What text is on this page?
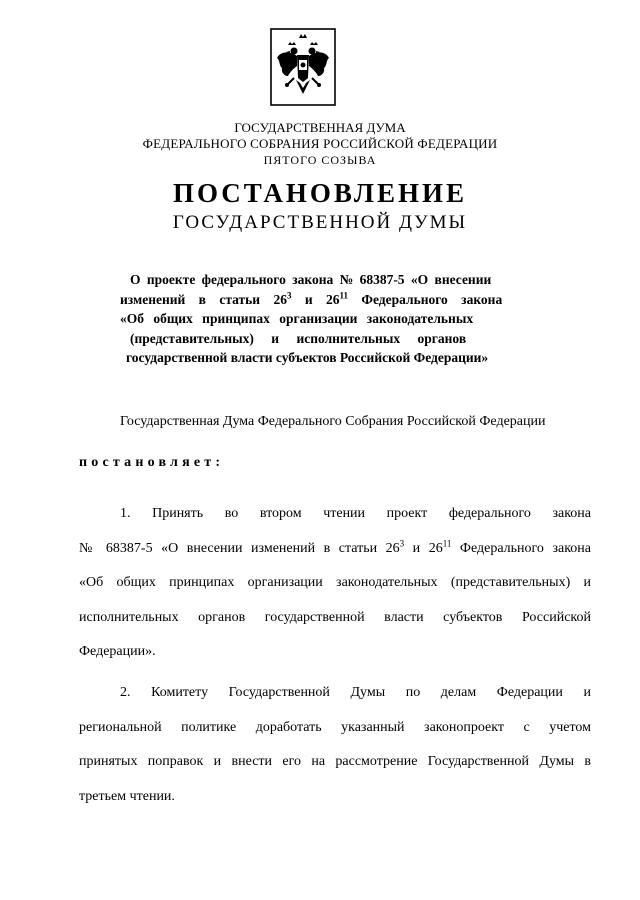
ГОСУДАРСТВЕННАЯ ДУМА
ФЕДЕРАЛЬНОГО СОБРАНИЯ РОССИЙСКОЙ ФЕДЕРАЦИИ
ПЯТОГО СОЗЫВА
ПОСТАНОВЛЕНИЕ
ГОСУДАРСТВЕННОЙ ДУМЫ
О проекте федерального закона № 68387-5 «О внесении
изменений в статьи $26^3$ и $26^{11}$ Федерального закона
«Об общих принципах организации законодательных
(представительных) и исполнительных органов
государственной власти субъектов Российской Федерации»
Государственная Дума Федерального Собрания Российской Федерации
постановляет:
1. Принять во втором чтении проект федерального закона
№ 68387-5 «О внесении изменений в статьи $26^3$ и $26^{11}$ Федерального закона
«Об общих принципах организации законодательных (представительных) и
исполнительных органов государственной власти субъектов Российской
Федерации».
2. Комитету Государственной Думы по делам Федерации и
региональной политике доработать указанный законопроект с учетом
принятых поправок и внести его на рассмотрение Государственной Думы в
третьем чтении.
